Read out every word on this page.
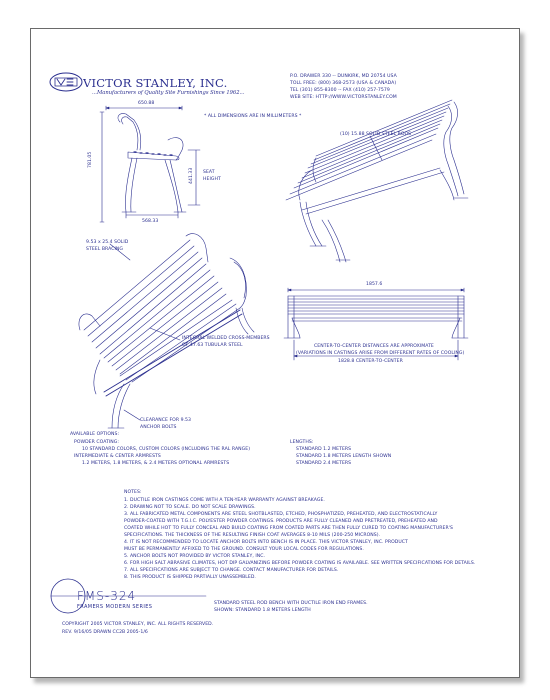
VICTOR STANLEY, INC.
...Manufacturers of Quality Site Furnishings Since 1962...
P.O. DRAWER 330 -- DUNKIRK, MD 20754 USA
TOLL FREE: (800) 368-2573 (USA & CANADA)
TEL (301) 855-8300 -- FAX (410) 257-7579
WEB SITE: HTTP://WWW.VICTORSTANLEY.COM
* ALL DIMENSIONS ARE IN MILLIMETERS *
650.88
781.05
441.33 SEAT
HEIGHT
568.33
(10) 15.88 SOLID STEEL RODS
9.53 x 25.4 SOLID
STEEL BRACING
INTEGRAL WELDED CROSS-MEMBERS
OF 47.63 TUBULAR STEEL
CLEARANCE FOR 9.53
ANCHOR BOLTS
1857.6
CENTER-TO-CENTER DISTANCES ARE APPROXIMATE
(VARIATIONS IN CASTINGS ARISE FROM DIFFERENT RATES OF COOLING)
1828.8 CENTER-TO-CENTER
AVAILABLE OPTIONS:
POWDER COATING:
10 STANDARD COLORS, CUSTOM COLORS (INCLUDING THE RAL RANGE)
INTERMEDIATE & CENTER ARMRESTS
1.2 METERS, 1.8 METERS, & 2.4 METERS OPTIONAL ARMRESTS
LENGTHS:
STANDARD 1.2 METERS
STANDARD 1.8 METERS LENGTH SHOWN
STANDARD 2.4 METERS
NOTES:
1. DUCTILE IRON CASTINGS COME WITH A TEN-YEAR WARRANTY AGAINST BREAKAGE.
2. DRAWING NOT TO SCALE. DO NOT SCALE DRAWINGS.
3. ALL FABRICATED METAL COMPONENTS ARE STEEL SHOTBLASTED, ETCHED, PHOSPHATIZED, PREHEATED, AND ELECTROSTATICALLY
POWDER-COATED WITH T.G.I.C. POLYESTER POWDER COATINGS. PRODUCTS ARE FULLY CLEANED AND PRETREATED, PREHEATED AND
COATED WHILE HOT TO FULLY CONCEAL AND BUILD COATING FROM COATED PARTS ARE THEN FULLY CURED TO COATING MANUFACTURER'S
SPECIFICATIONS. THE THICKNESS OF THE RESULTING FINISH COAT AVERAGES 8-10 MILS (200-250 MICRONS).
4. IT IS NOT RECOMMENDED TO LOCATE ANCHOR BOLTS INTO BENCH IS IN PLACE. THIS VICTOR STANLEY, INC. PRODUCT
MUST BE PERMANENTLY AFFIXED TO THE GROUND. CONSULT YOUR LOCAL CODES FOR REGULATIONS.
5. ANCHOR BOLTS NOT PROVIDED BY VICTOR STANLEY, INC.
6. FOR HIGH SALT ABRASIVE CLIMATES, HOT DIP GALVANIZING BEFORE POWDER COATING IS AVAILABLE. SEE WRITTEN SPECIFICATIONS FOR DETAILS.
7. ALL SPECIFICATIONS ARE SUBJECT TO CHANGE. CONTACT MANUFACTURER FOR DETAILS.
8. THIS PRODUCT IS SHIPPED PARTIALLY UNASSEMBLED.
FMS-324
FRAMERS MODERN SERIES
STANDARD STEEL ROD BENCH WITH DUCTILE IRON END FRAMES.
SHOWN: STANDARD 1.8 METERS LENGTH
COPYRIGHT 2005 VICTOR STANLEY, INC. ALL RIGHTS RESERVED.
REV. 9/16/05 DRAWN CC2B 2005-1/6
